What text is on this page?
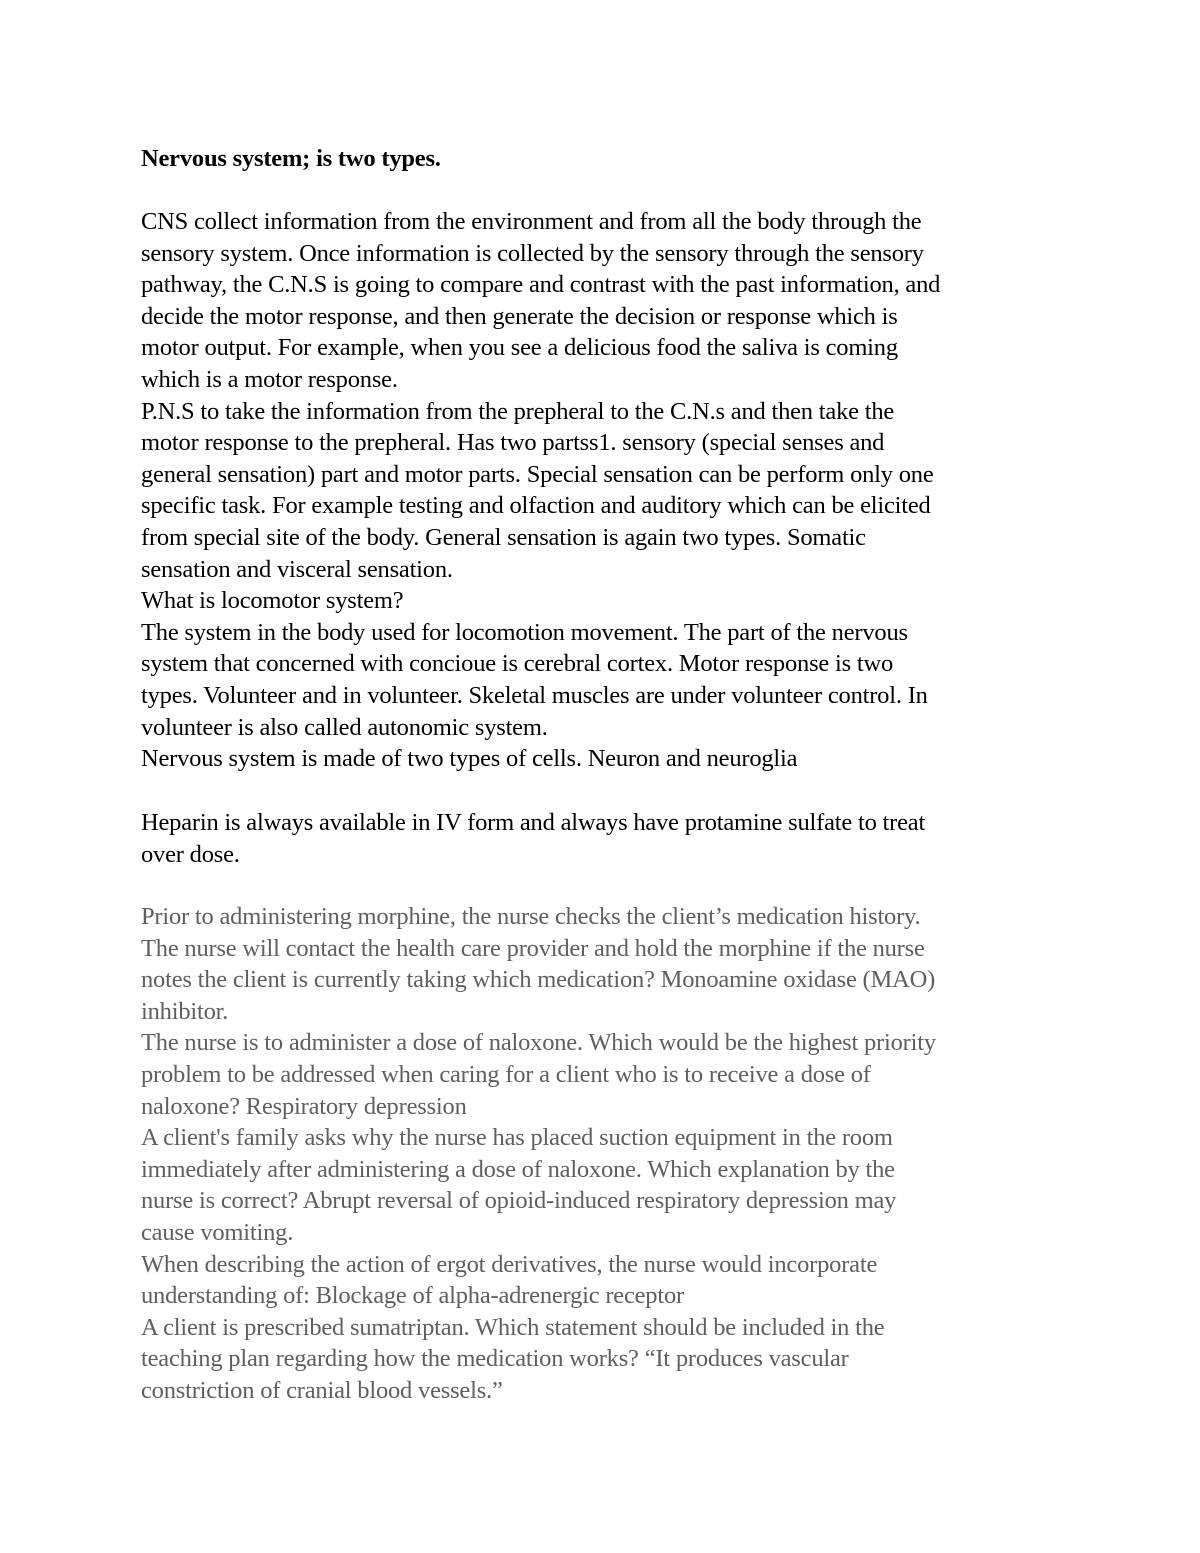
Nervous system; is two types.
CNS collect information from the environment and from all the body through the
sensory system. Once information is collected by the sensory through the sensory
pathway, the C.N.S is going to compare and contrast with the past information, and
decide the motor response, and then generate the decision or response which is
motor output. For example, when you see a delicious food the saliva is coming
which is a motor response.
P.N.S to take the information from the prepheral to the C.N.s and then take the
motor response to the prepheral. Has two partss1. sensory (special senses and
general sensation) part and motor parts. Special sensation can be perform only one
specific task. For example testing and olfaction and auditory which can be elicited
from special site of the body. General sensation is again two types. Somatic
sensation and visceral sensation.
What is locomotor system?
The system in the body used for locomotion movement. The part of the nervous
system that concerned with concioue is cerebral cortex. Motor response is two
types. Volunteer and in volunteer. Skeletal muscles are under volunteer control. In
volunteer is also called autonomic system.
Nervous system is made of two types of cells. Neuron and neuroglia
Heparin is always available in IV form and always have protamine sulfate to treat
over dose.
Prior to administering morphine, the nurse checks the client’s medication history.
The nurse will contact the health care provider and hold the morphine if the nurse
notes the client is currently taking which medication? Monoamine oxidase (MAO)
inhibitor.
The nurse is to administer a dose of naloxone. Which would be the highest priority
problem to be addressed when caring for a client who is to receive a dose of
naloxone? Respiratory depression
A client's family asks why the nurse has placed suction equipment in the room
immediately after administering a dose of naloxone. Which explanation by the
nurse is correct? Abrupt reversal of opioid-induced respiratory depression may
cause vomiting.
When describing the action of ergot derivatives, the nurse would incorporate
understanding of: Blockage of alpha-adrenergic receptor
A client is prescribed sumatriptan. Which statement should be included in the
teaching plan regarding how the medication works? “It produces vascular
constriction of cranial blood vessels.”
